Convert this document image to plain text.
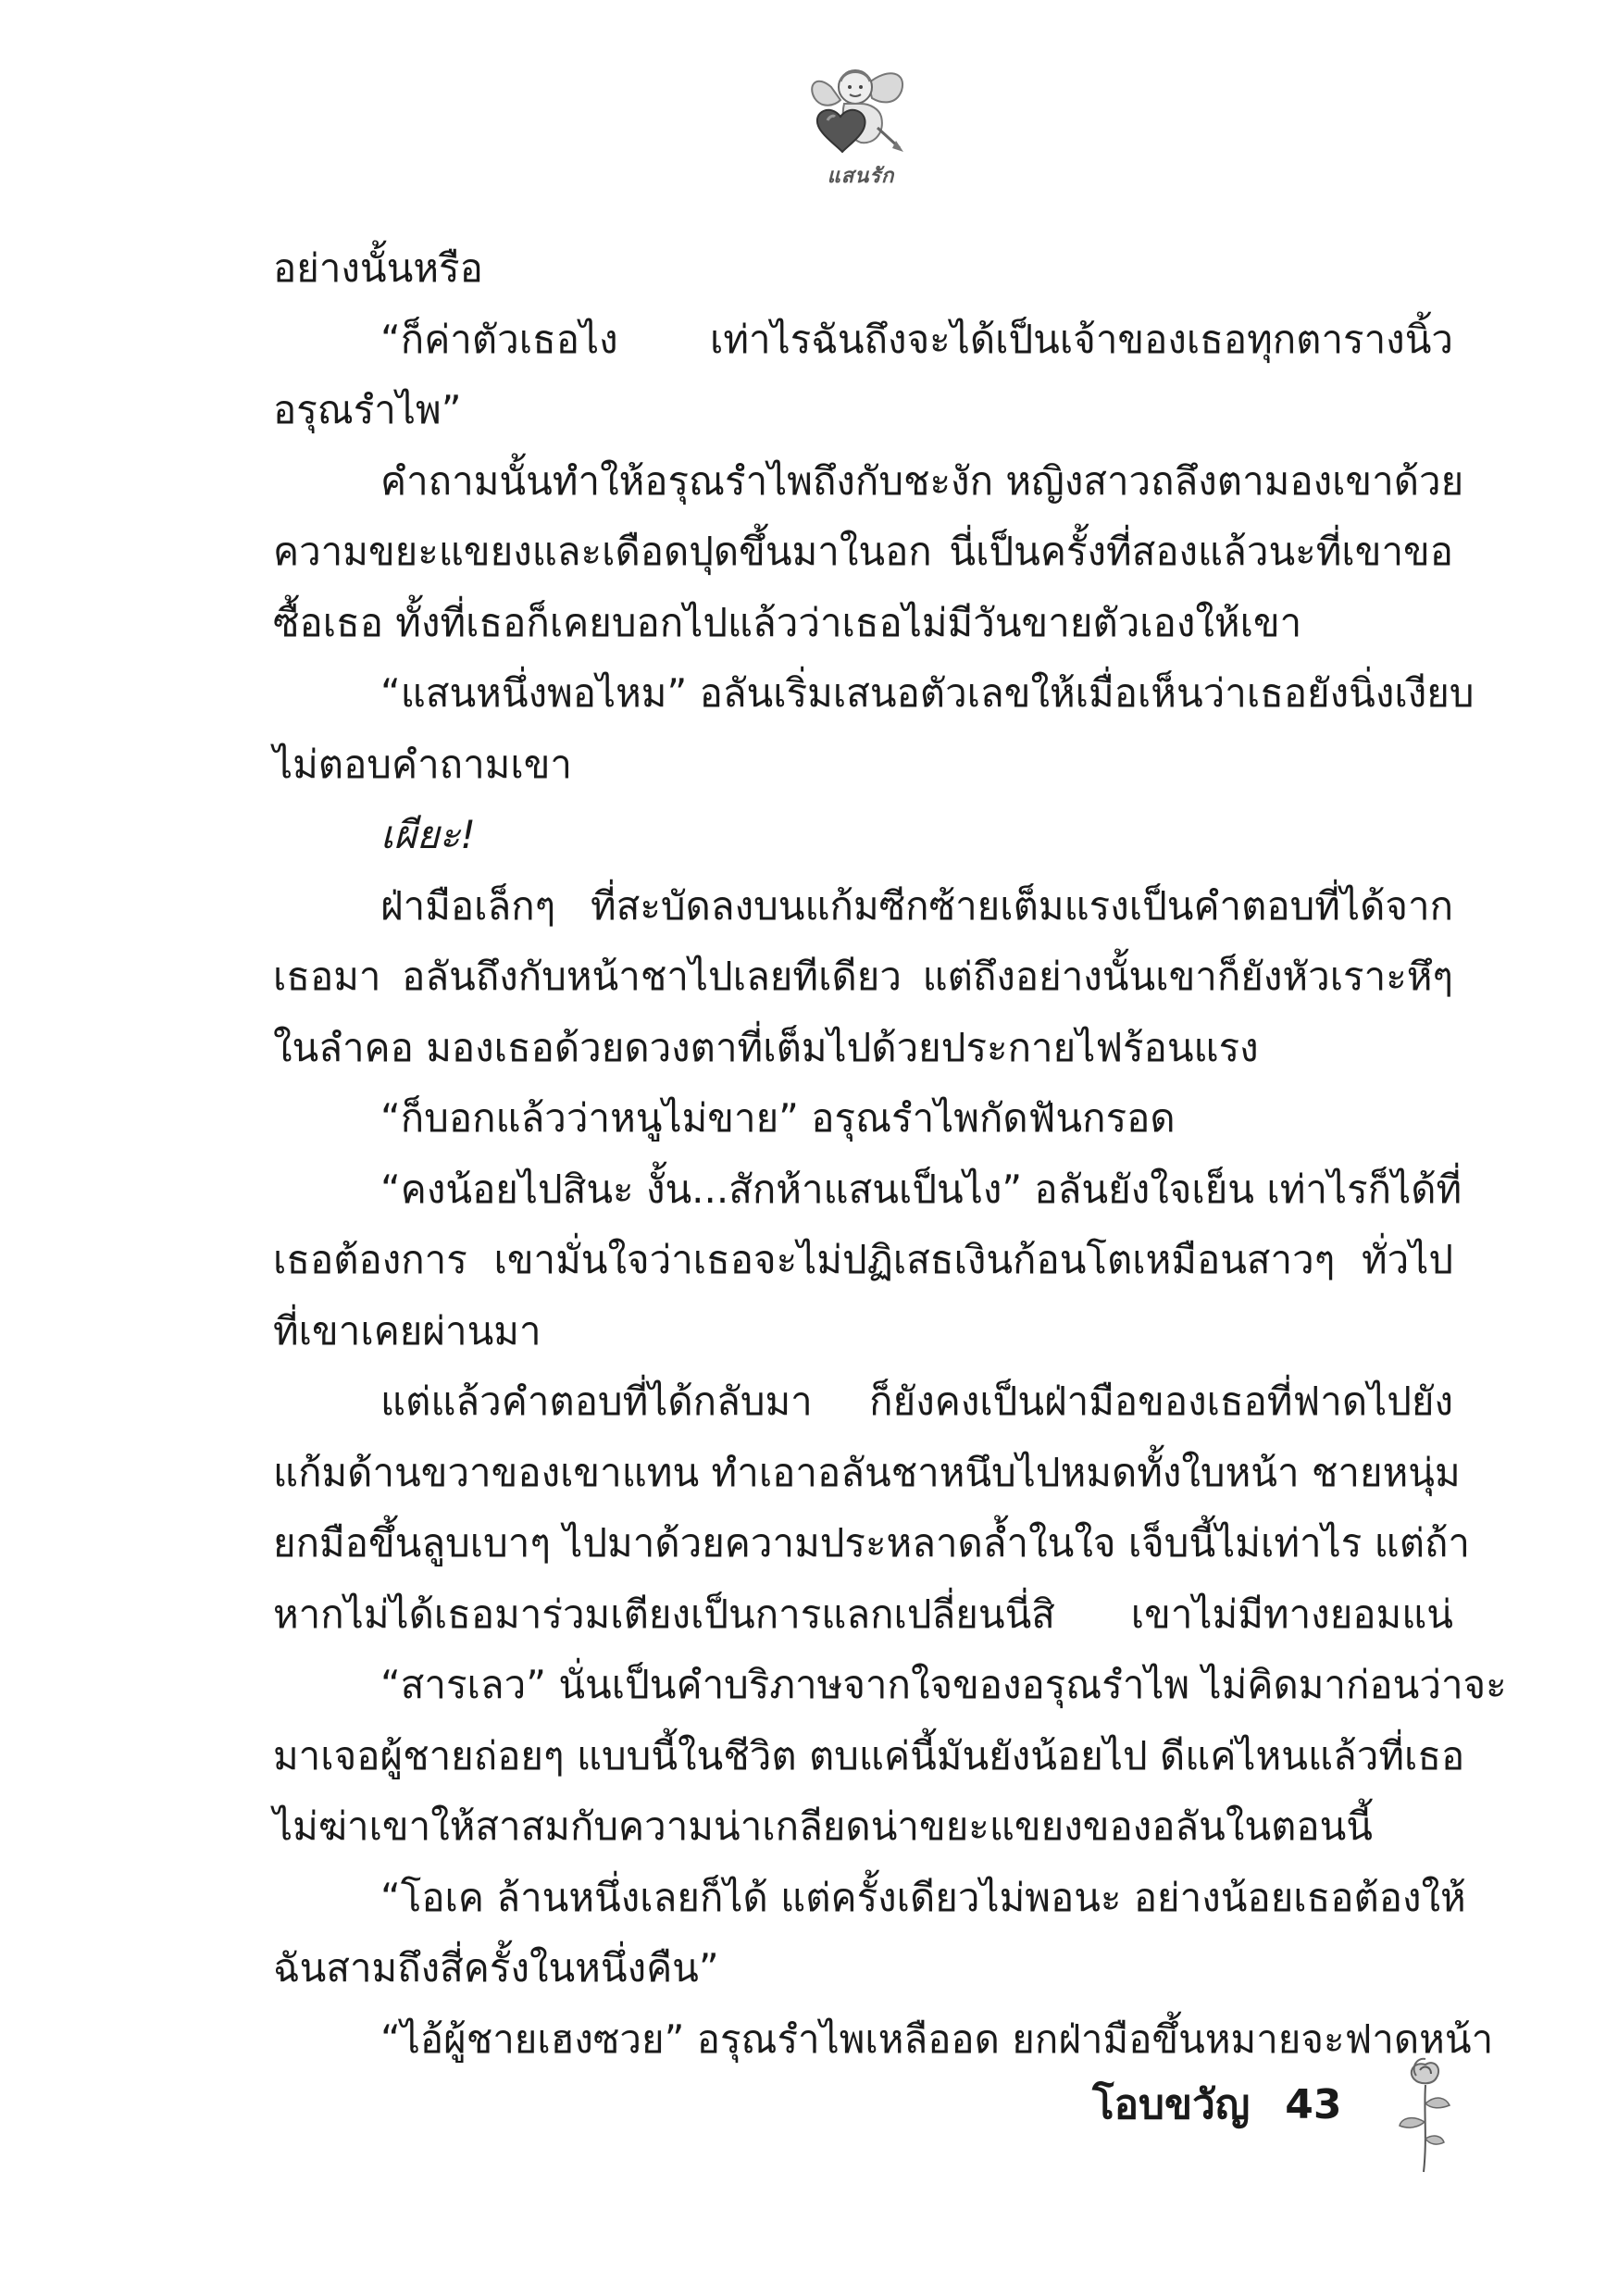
แสนรัก
อย่างนั้นหรือ
“ก็ค่าตัวเธอไง เท่าไรฉันถึงจะได้เป็นเจ้าของเธอทุกตารางนิ้ว
อรุณรำไพ”
คำถามนั้นทำให้อรุณรำไพถึงกับชะงัก หญิงสาวถลึงตามองเขาด้วย
ความขยะแขยงและเดือดปุดขึ้นมาในอก นี่เป็นครั้งที่สองแล้วนะที่เขาขอ
ซื้อเธอ ทั้งที่เธอก็เคยบอกไปแล้วว่าเธอไม่มีวันขายตัวเองให้เขา
“แสนหนึ่งพอไหม” อลันเริ่มเสนอตัวเลขให้เมื่อเห็นว่าเธอยังนิ่งเงียบ
ไม่ตอบคำถามเขา
เผียะ!
ฝ่ามือเล็กๆ ที่สะบัดลงบนแก้มซีกซ้ายเต็มแรงเป็นคำตอบที่ได้จาก
เธอมา อลันถึงกับหน้าชาไปเลยทีเดียว แต่ถึงอย่างนั้นเขาก็ยังหัวเราะหึๆ
ในลำคอ มองเธอด้วยดวงตาที่เต็มไปด้วยประกายไฟร้อนแรง
“ก็บอกแล้วว่าหนูไม่ขาย” อรุณรำไพกัดฟันกรอด
“คงน้อยไปสินะ งั้น...สักห้าแสนเป็นไง” อลันยังใจเย็น เท่าไรก็ได้ที่
เธอต้องการ เขามั่นใจว่าเธอจะไม่ปฏิเสธเงินก้อนโตเหมือนสาวๆ ทั่วไป
ที่เขาเคยผ่านมา
แต่แล้วคำตอบที่ได้กลับมา ก็ยังคงเป็นฝ่ามือของเธอที่ฟาดไปยัง
แก้มด้านขวาของเขาแทน ทำเอาอลันชาหนึบไปหมดทั้งใบหน้า ชายหนุ่ม
ยกมือขึ้นลูบเบาๆ ไปมาด้วยความประหลาดล้ำในใจ เจ็บนี้ไม่เท่าไร แต่ถ้า
หากไม่ได้เธอมาร่วมเตียงเป็นการแลกเปลี่ยนนี่สิ เขาไม่มีทางยอมแน่
“สารเลว” นั่นเป็นคำบริภาษจากใจของอรุณรำไพ ไม่คิดมาก่อนว่าจะ
มาเจอผู้ชายถ่อยๆ แบบนี้ในชีวิต ตบแค่นี้มันยังน้อยไป ดีแค่ไหนแล้วที่เธอ
ไม่ฆ่าเขาให้สาสมกับความน่าเกลียดน่าขยะแขยงของอลันในตอนนี้
“โอเค ล้านหนึ่งเลยก็ได้ แต่ครั้งเดียวไม่พอนะ อย่างน้อยเธอต้องให้
ฉันสามถึงสี่ครั้งในหนึ่งคืน”
“ไอ้ผู้ชายเฮงซวย” อรุณรำไพเหลืออด ยกฝ่ามือขึ้นหมายจะฟาดหน้า
โอบขวัญ 43
